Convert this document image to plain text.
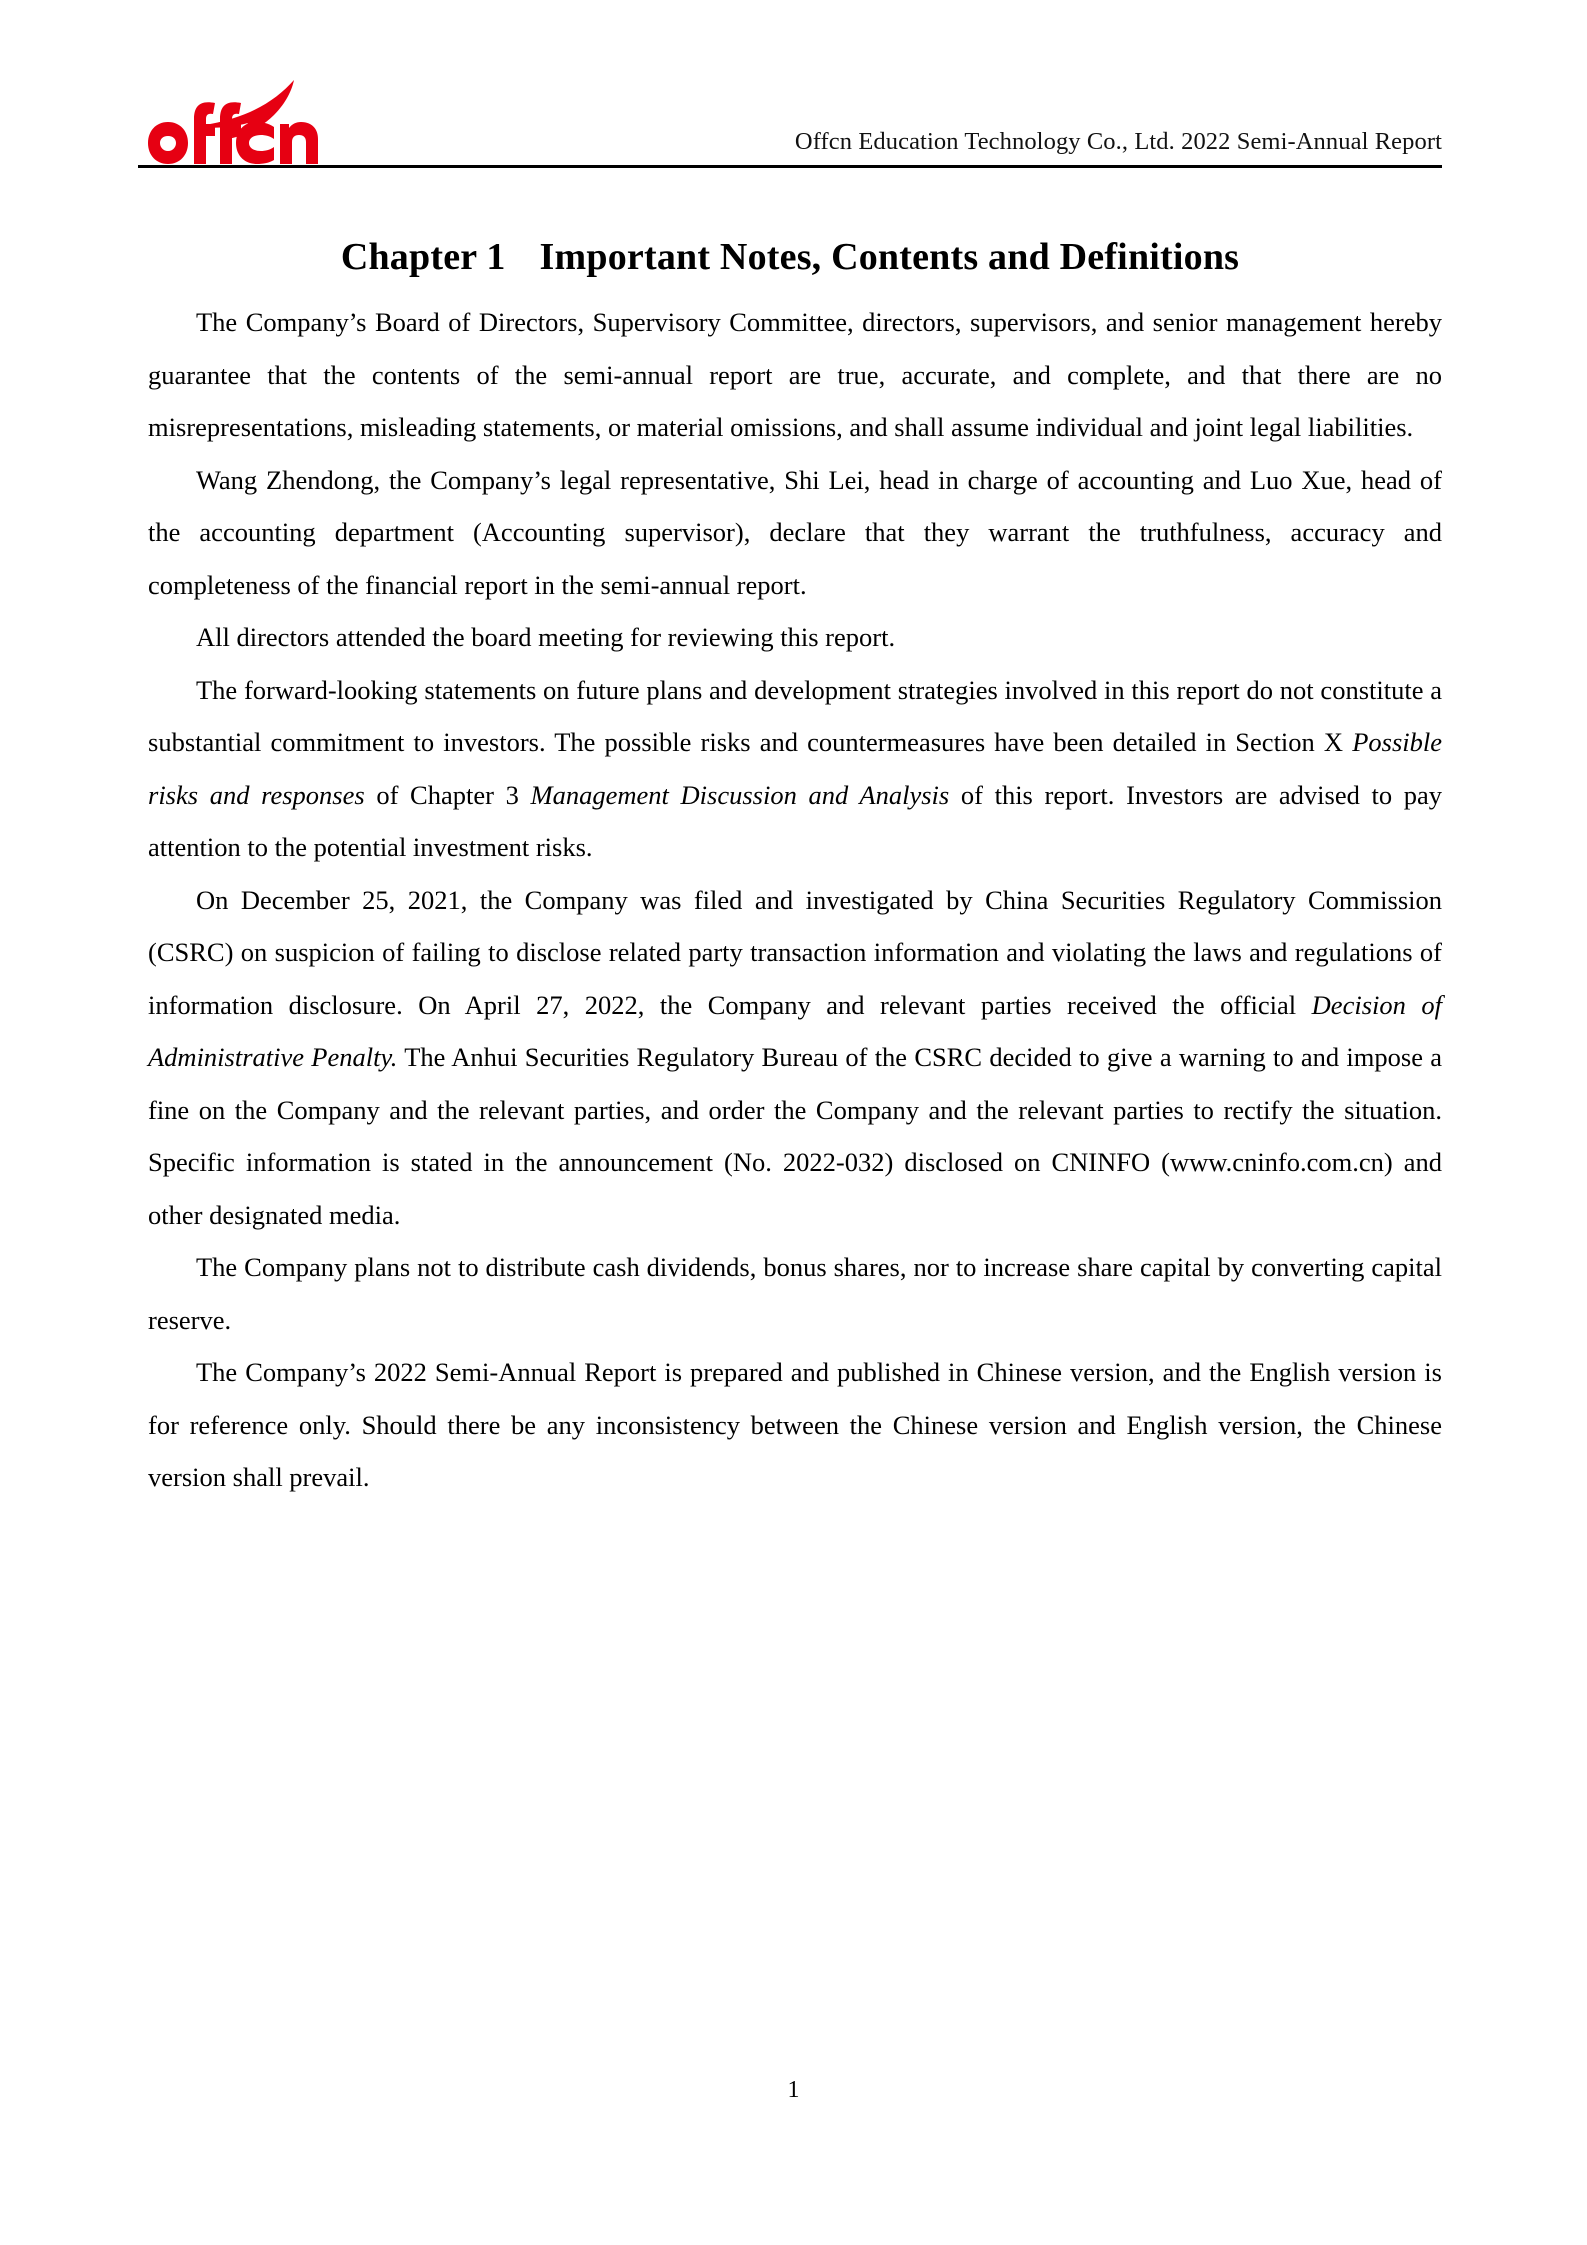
Offcn Education Technology Co., Ltd. 2022 Semi-Annual Report
Chapter 1 Important Notes, Contents and Definitions

The Company’s Board of Directors, Supervisory Committee, directors, supervisors, and senior management hereby guarantee that the contents of the semi-annual report are true, accurate, and complete, and that there are no misrepresentations, misleading statements, or material omissions, and shall assume individual and joint legal liabilities.

Wang Zhendong, the Company’s legal representative, Shi Lei, head in charge of accounting and Luo Xue, head of the accounting department (Accounting supervisor), declare that they warrant the truthfulness, accuracy and completeness of the financial report in the semi-annual report.

All directors attended the board meeting for reviewing this report.

The forward-looking statements on future plans and development strategies involved in this report do not constitute a substantial commitment to investors. The possible risks and countermeasures have been detailed in Section X Possible risks and responses of Chapter 3 Management Discussion and Analysis of this report. Investors are advised to pay attention to the potential investment risks.

On December 25, 2021, the Company was filed and investigated by China Securities Regulatory Commission (CSRC) on suspicion of failing to disclose related party transaction information and violating the laws and regulations of information disclosure. On April 27, 2022, the Company and relevant parties received the official Decision of Administrative Penalty. The Anhui Securities Regulatory Bureau of the CSRC decided to give a warning to and impose a fine on the Company and the relevant parties, and order the Company and the relevant parties to rectify the situation. Specific information is stated in the announcement (No. 2022-032) disclosed on CNINFO (www.cninfo.com.cn) and other designated media.

The Company plans not to distribute cash dividends, bonus shares, nor to increase share capital by converting capital reserve.

The Company’s 2022 Semi-Annual Report is prepared and published in Chinese version, and the English version is for reference only. Should there be any inconsistency between the Chinese version and English version, the Chinese version shall prevail.

1
